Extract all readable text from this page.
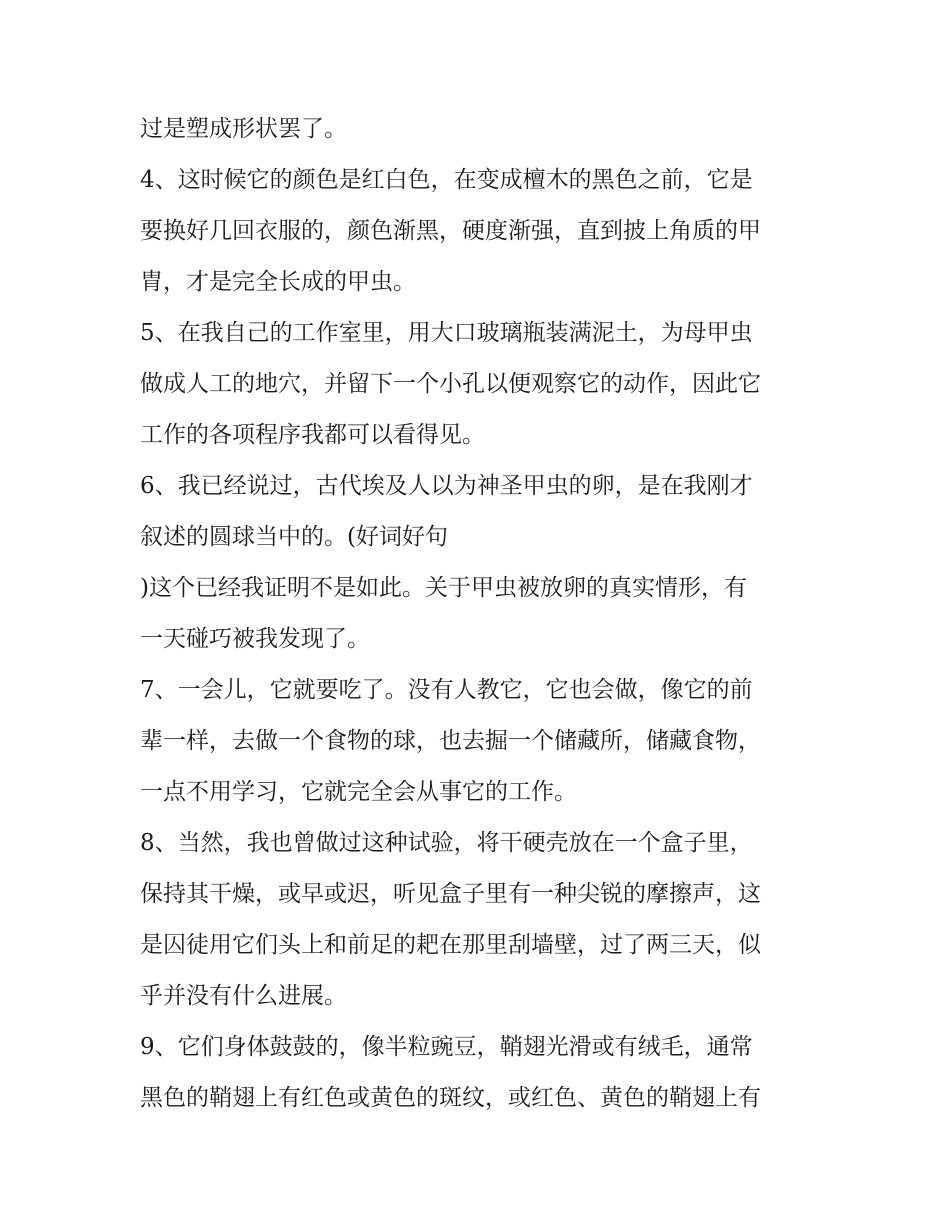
过是塑成形状罢了。
4、这时候它的颜色是红白色，在变成檀木的黑色之前，它是
要换好几回衣服的，颜色渐黑，硬度渐强，直到披上角质的甲
胄，才是完全长成的甲虫。
5、在我自己的工作室里，用大口玻璃瓶装满泥土，为母甲虫
做成人工的地穴，并留下一个小孔以便观察它的动作，因此它
工作的各项程序我都可以看得见。
6、我已经说过，古代埃及人以为神圣甲虫的卵，是在我刚才
叙述的圆球当中的。(好词好句
)这个已经我证明不是如此。关于甲虫被放卵的真实情形，有
一天碰巧被我发现了。
7、一会儿，它就要吃了。没有人教它，它也会做，像它的前
辈一样，去做一个食物的球，也去掘一个储藏所，储藏食物，
一点不用学习，它就完全会从事它的工作。
8、当然，我也曾做过这种试验，将干硬壳放在一个盒子里，
保持其干燥，或早或迟，听见盒子里有一种尖锐的摩擦声，这
是囚徒用它们头上和前足的耙在那里刮墙壁，过了两三天，似
乎并没有什么进展。
9、它们身体鼓鼓的，像半粒豌豆，鞘翅光滑或有绒毛，通常
黑色的鞘翅上有红色或黄色的斑纹，或红色、黄色的鞘翅上有
